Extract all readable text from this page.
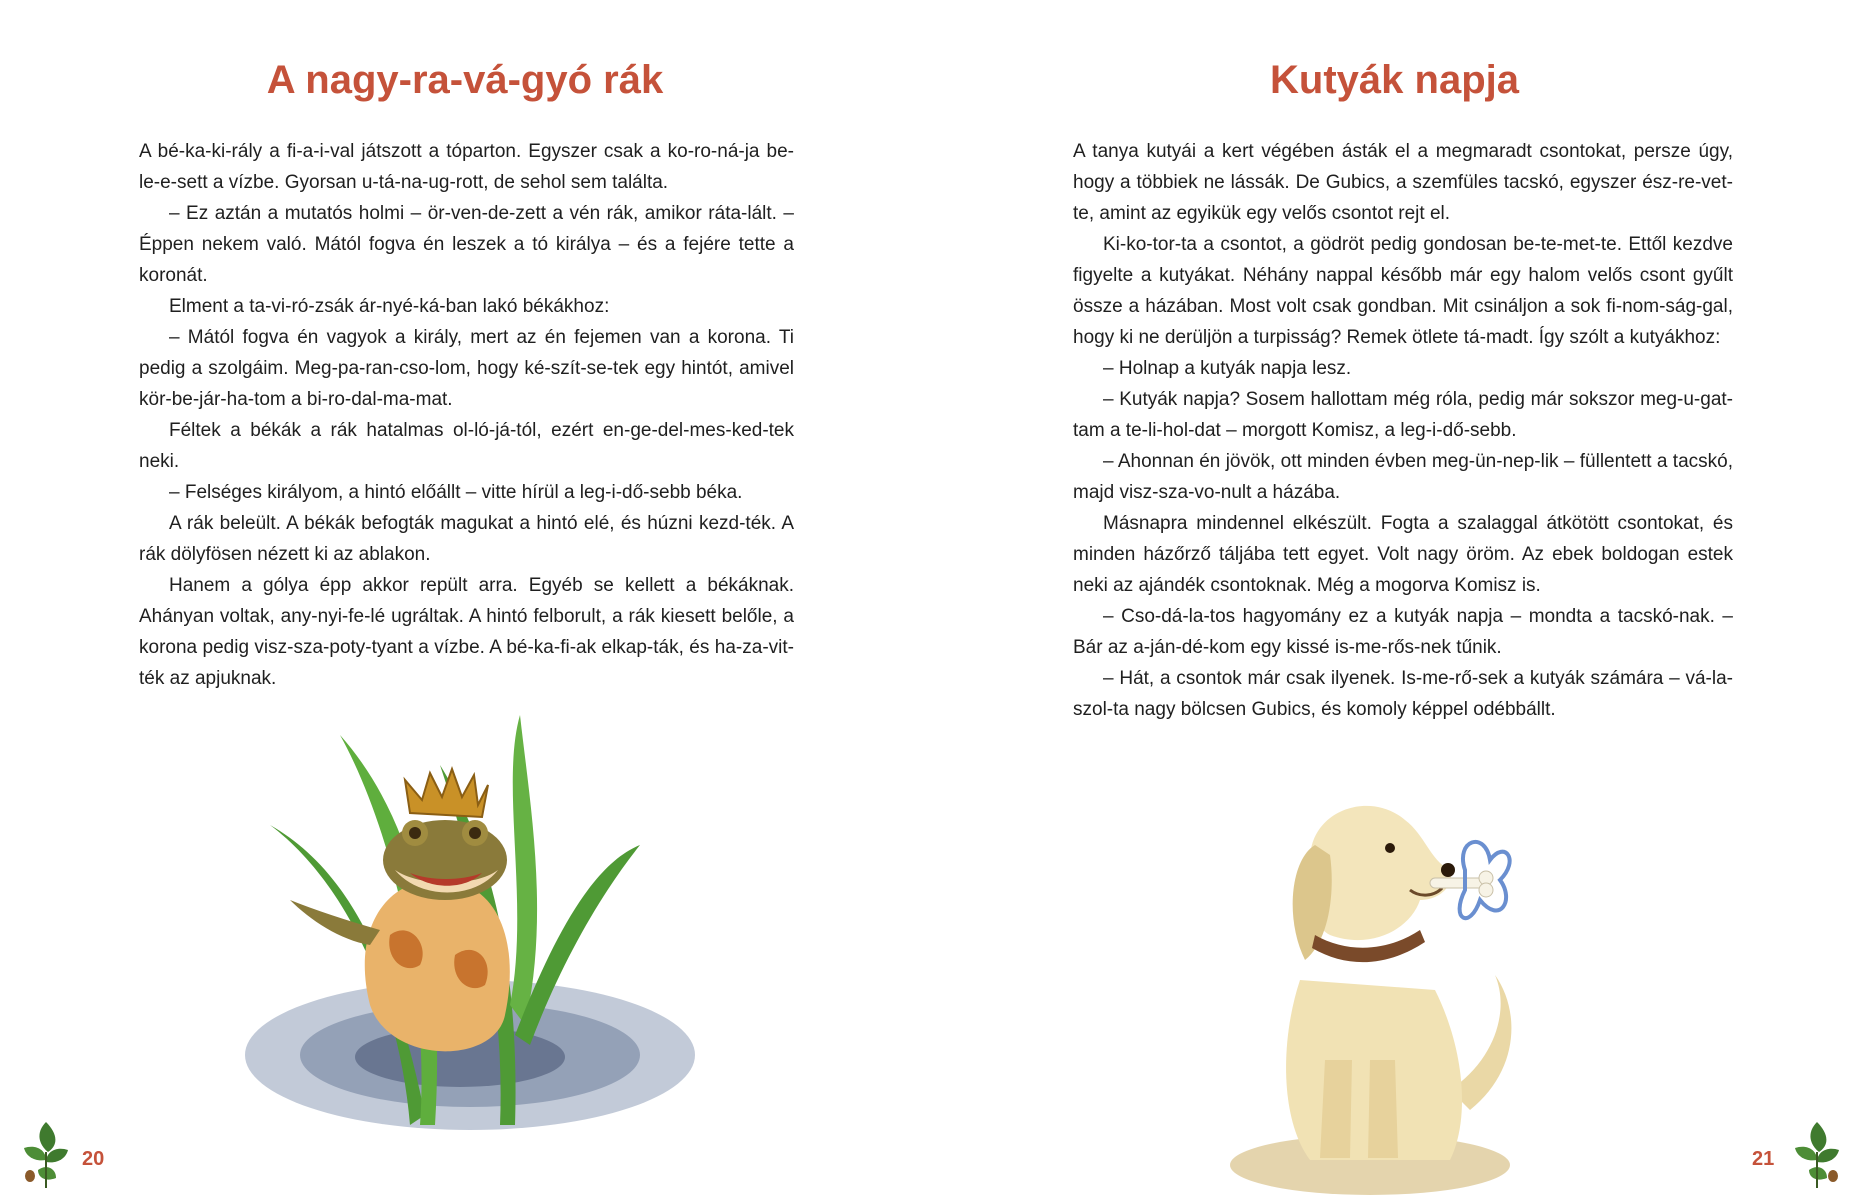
A nagy-ra-vá-gyó rák

A bé-ka-ki-rály a fi-a-i-val játszott a tóparton. Egyszer csak a ko-ro-ná-ja be-le-e-sett a vízbe. Gyorsan u-tá-na-ug-rott, de sehol sem találta.

– Ez aztán a mutatós holmi – ör-ven-de-zett a vén rák, amikor ráta-lált. – Éppen nekem való. Mától fogva én leszek a tó királya – és a fejére tette a koronát.

Elment a ta-vi-ró-zsák ár-nyé-ká-ban lakó békákhoz:

– Mától fogva én vagyok a király, mert az én fejemen van a korona. Ti pedig a szolgáim. Meg-pa-ran-cso-lom, hogy ké-szít-se-tek egy hintót, amivel kör-be-jár-ha-tom a bi-ro-dal-ma-mat.

Féltek a békák a rák hatalmas ol-ló-já-tól, ezért en-ge-del-mes-ked-tek neki.

– Felséges királyom, a hintó előállt – vitte hírül a leg-i-dő-sebb béka.

A rák beleült. A békák befogták magukat a hintó elé, és húzni kezd-ték. A rák dölyfösen nézett ki az ablakon.

Hanem a gólya épp akkor repült arra. Egyéb se kellett a békáknak. Ahányan voltak, any-nyi-fe-lé ugráltak. A hintó felborult, a rák kiesett belőle, a korona pedig visz-sza-poty-tyant a vízbe. A bé-ka-fi-ak elkap-ták, és ha-za-vit-ték az apjuknak.

20
Kutyák napja

A tanya kutyái a kert végében ásták el a megmaradt csontokat, persze úgy, hogy a többiek ne lássák. De Gubics, a szemfüles tacskó, egyszer ész-re-vet-te, amint az egyikük egy velős csontot rejt el.

Ki-ko-tor-ta a csontot, a gödröt pedig gondosan be-te-met-te. Ettől kezdve figyelte a kutyákat. Néhány nappal később már egy halom velős csont gyűlt össze a házában. Most volt csak gondban. Mit csináljon a sok fi-nom-ság-gal, hogy ki ne derüljön a turpisság? Remek ötlete tá-madt. Így szólt a kutyákhoz:

– Holnap a kutyák napja lesz.

– Kutyák napja? Sosem hallottam még róla, pedig már sokszor meg-u-gat-tam a te-li-hol-dat – morgott Komisz, a leg-i-dő-sebb.

– Ahonnan én jövök, ott minden évben meg-ün-nep-lik – füllentett a tacskó, majd visz-sza-vo-nult a házába.

Másnapra mindennel elkészült. Fogta a szalaggal átkötött csontokat, és minden házőrző táljába tett egyet. Volt nagy öröm. Az ebek boldogan estek neki az ajándék csontoknak. Még a mogorva Komisz is.

– Cso-dá-la-tos hagyomány ez a kutyák napja – mondta a tacskó-nak. – Bár az a-ján-dé-kom egy kissé is-me-rős-nek tűnik.

– Hát, a csontok már csak ilyenek. Is-me-rő-sek a kutyák számára – vá-la-szol-ta nagy bölcsen Gubics, és komoly képpel odébbállt.

21
